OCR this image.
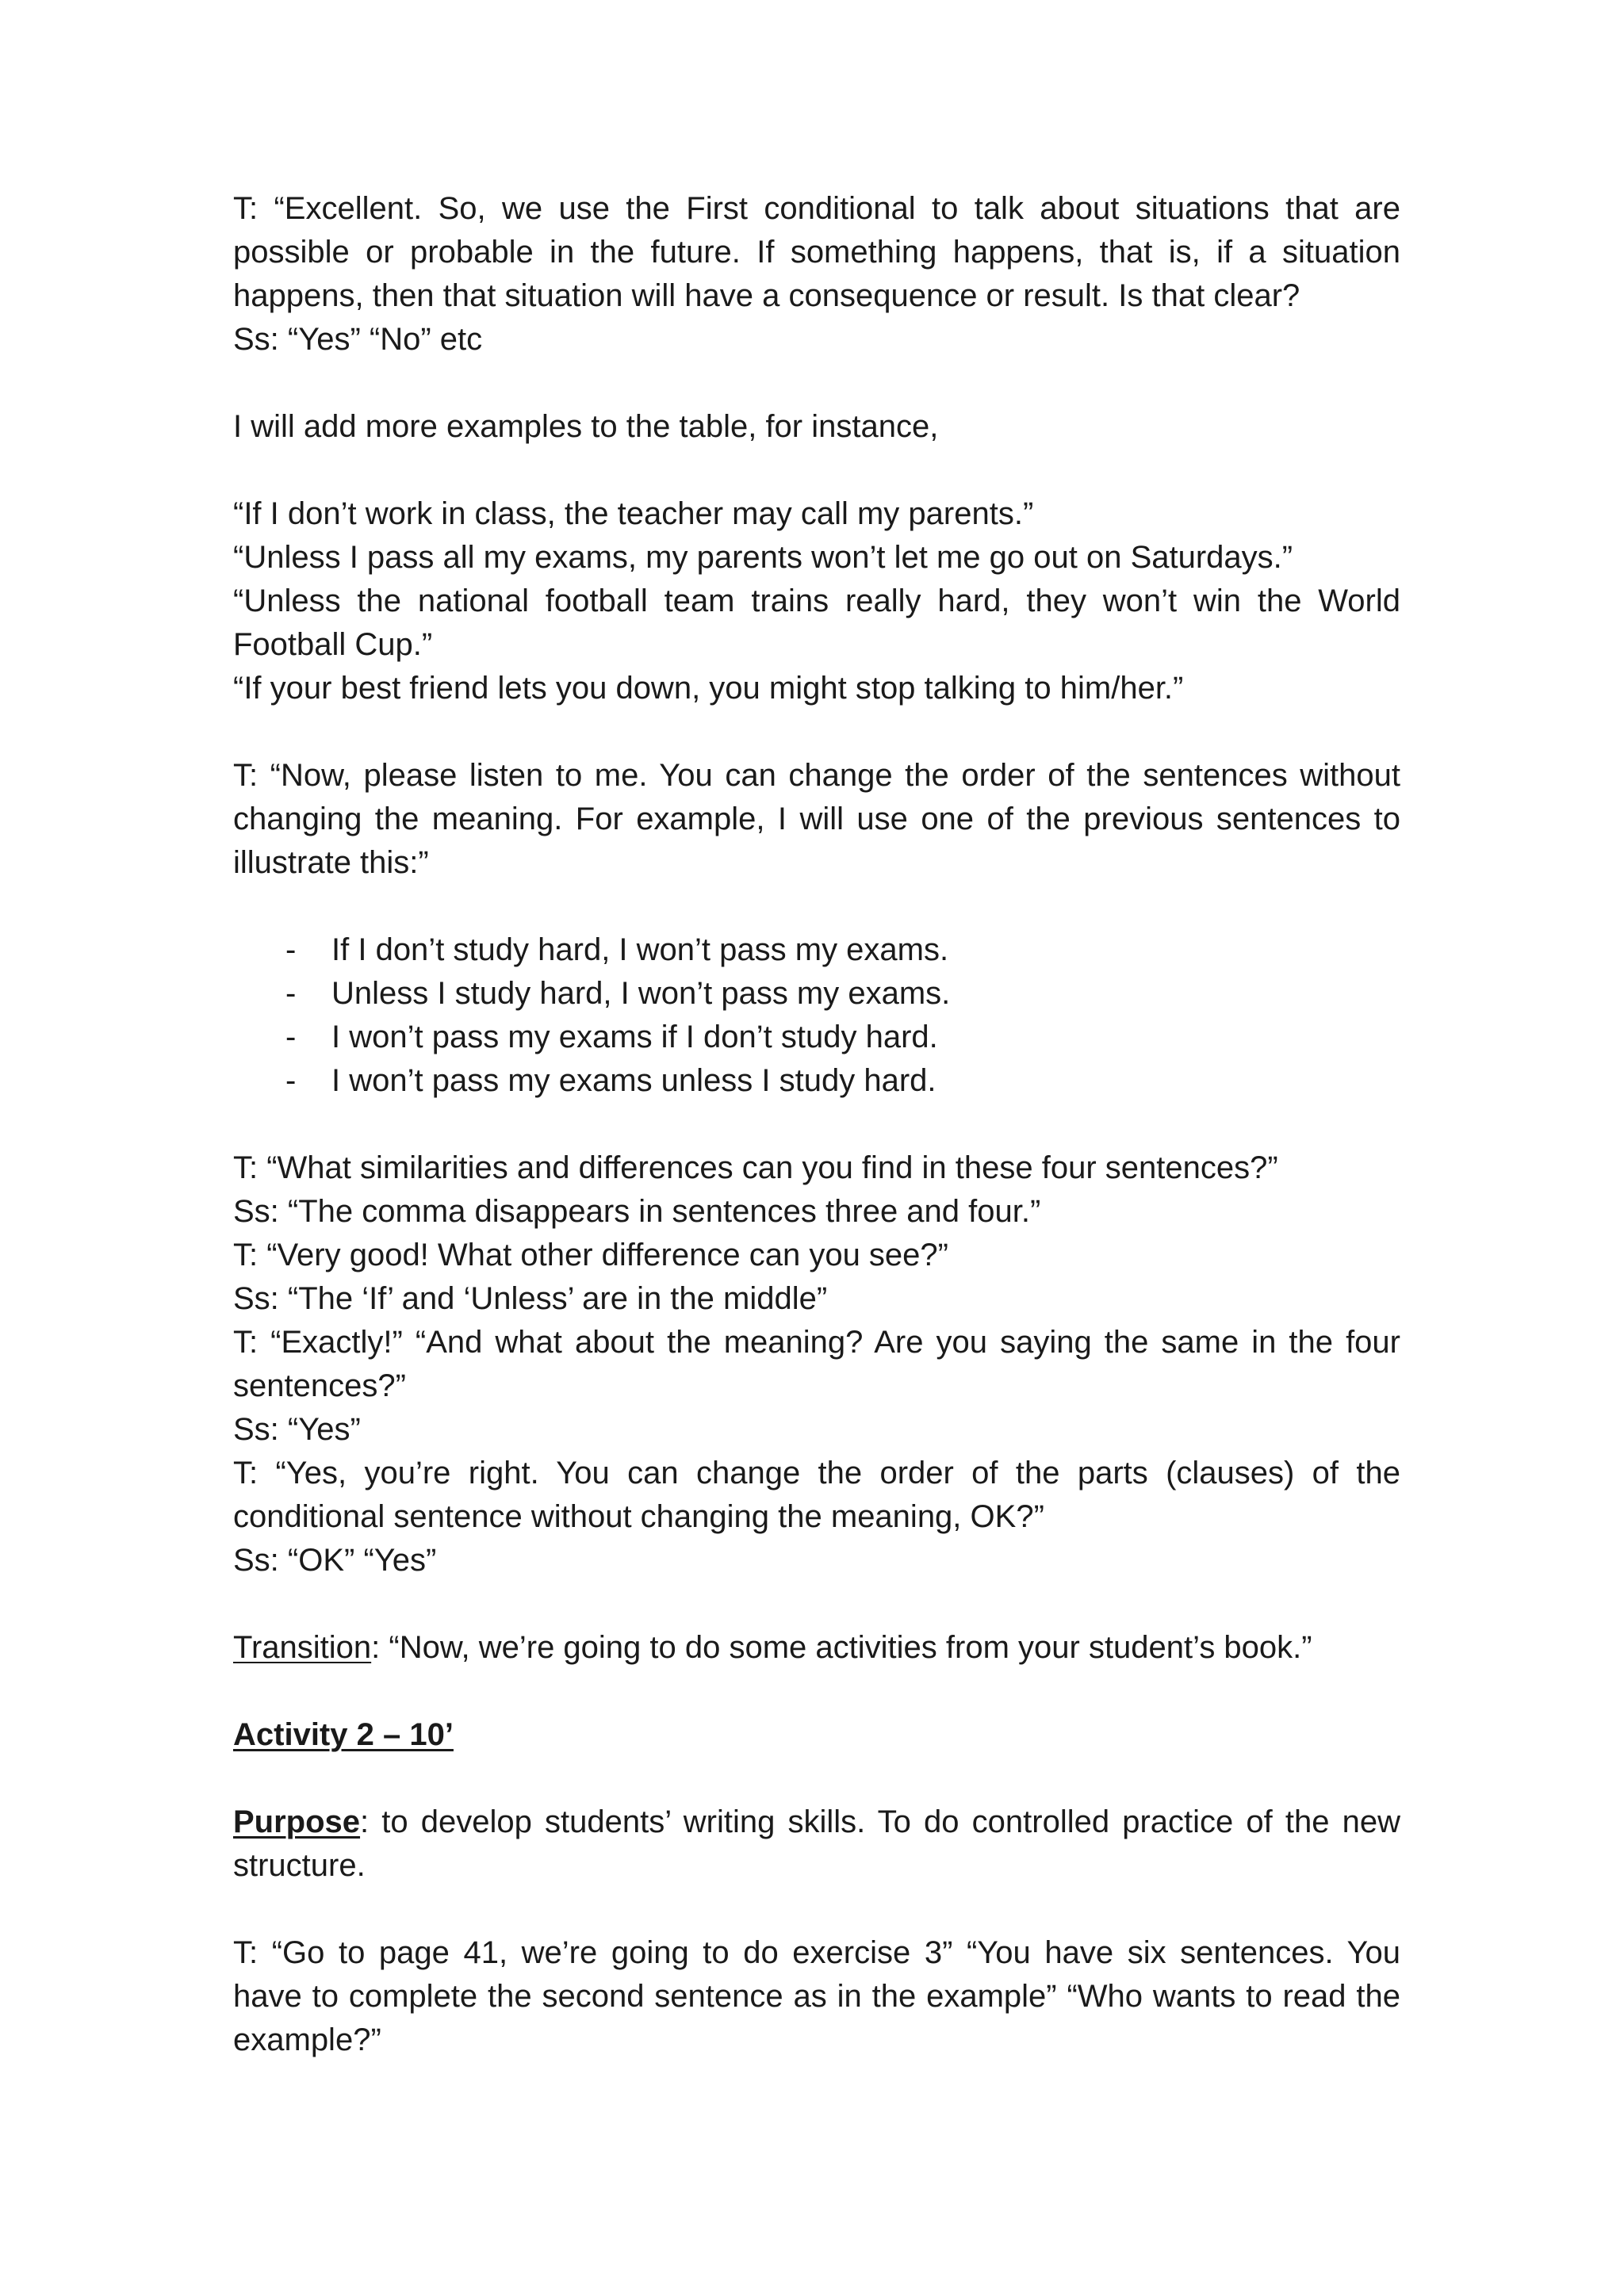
T: “Excellent. So, we use the First conditional to talk about situations that are possible or probable in the future. If something happens, that is, if a situation happens, then that situation will have a consequence or result. Is that clear?

Ss: “Yes” “No” etc

I will add more examples to the table, for instance,

“If I don’t work in class, the teacher may call my parents.”

“Unless I pass all my exams, my parents won’t let me go out on Saturdays.”

“Unless the national football team trains really hard, they won’t win the World Football Cup.”

“If your best friend lets you down, you might stop talking to him/her.”

T: “Now, please listen to me. You can change the order of the sentences without changing the meaning. For example, I will use one of the previous sentences to illustrate this:”

- If I don’t study hard, I won’t pass my exams.
- Unless I study hard, I won’t pass my exams.
- I won’t pass my exams if I don’t study hard.
- I won’t pass my exams unless I study hard.

T: “What similarities and differences can you find in these four sentences?”

Ss: “The comma disappears in sentences three and four.”

T: “Very good! What other difference can you see?”

Ss: “The ‘If’ and ‘Unless’ are in the middle”

T: “Exactly!” “And what about the meaning? Are you saying the same in the four sentences?”

Ss: “Yes”

T: “Yes, you’re right. You can change the order of the parts (clauses) of the conditional sentence without changing the meaning, OK?”

Ss: “OK” “Yes”

Transition: “Now, we’re going to do some activities from your student’s book.”

Activity 2 – 10’

Purpose: to develop students’ writing skills. To do controlled practice of the new structure.

T: “Go to page 41, we’re going to do exercise 3” “You have six sentences. You have to complete the second sentence as in the example” “Who wants to read the example?”
